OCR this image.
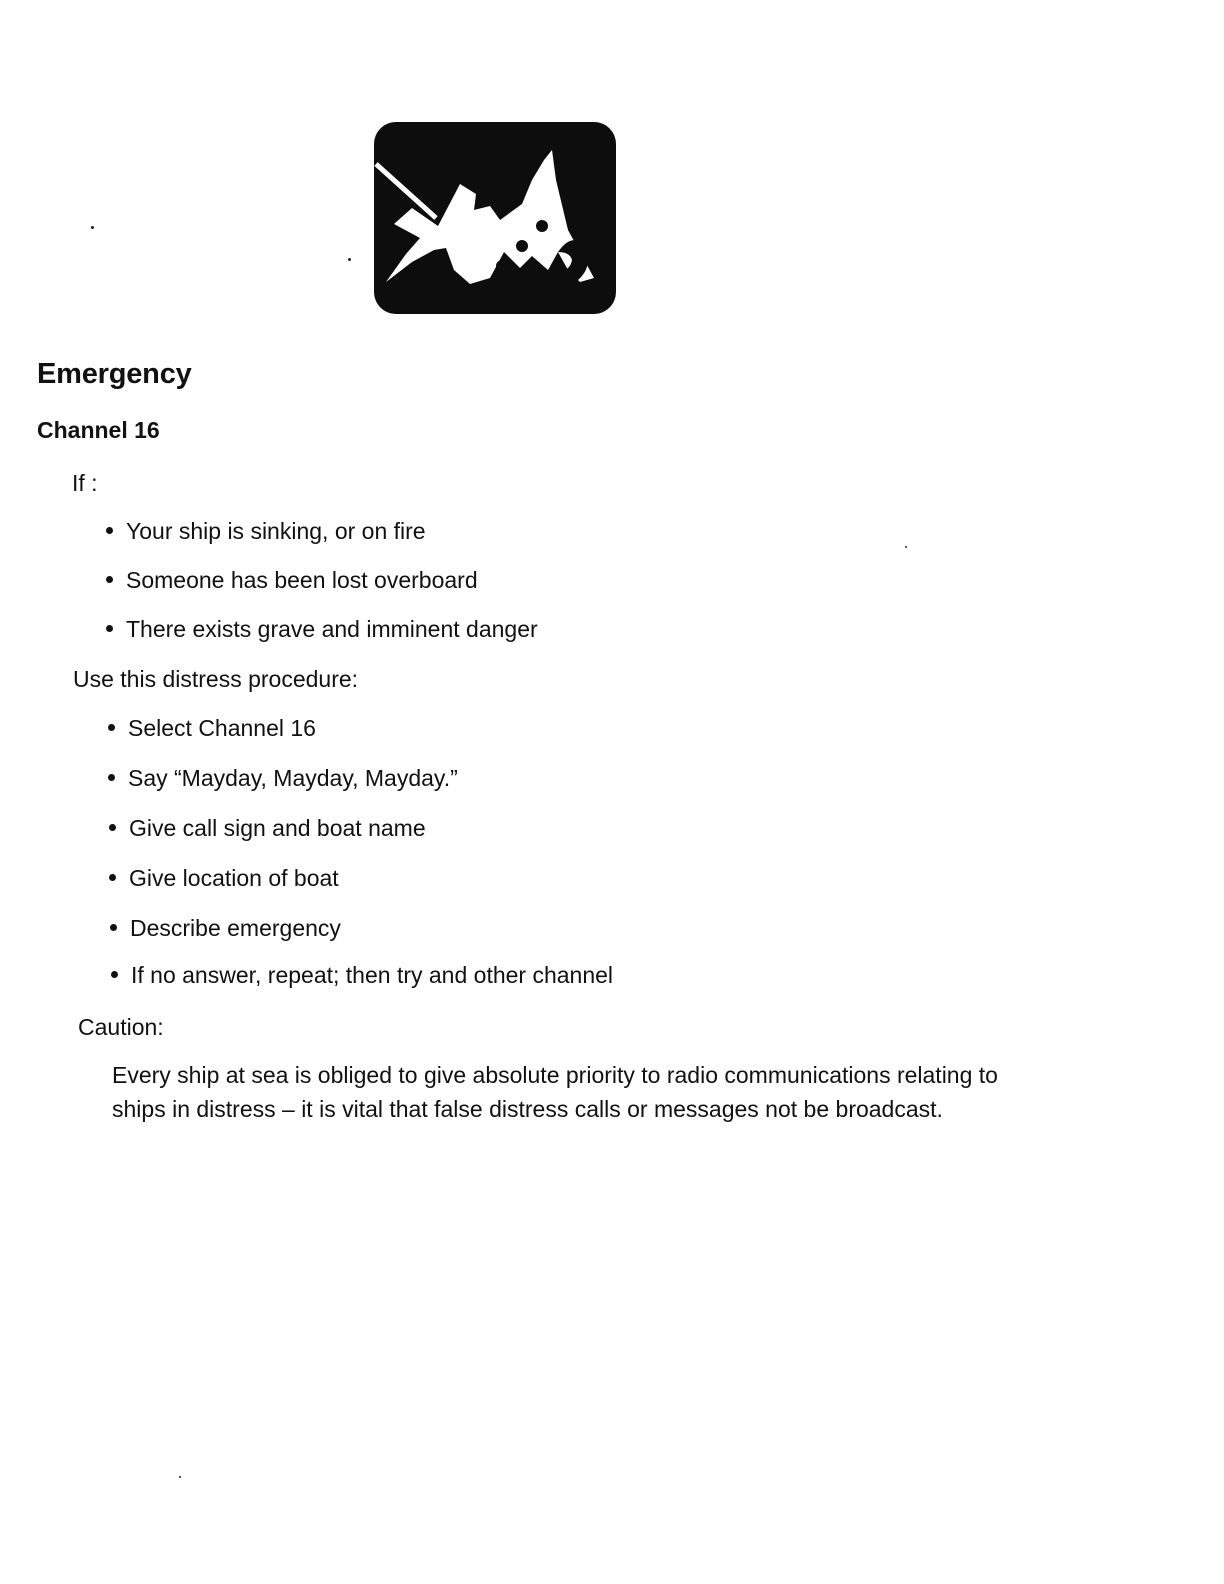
Emergency
Channel 16

If :

Your ship is sinking, or on fire
Someone has been lost overboard
There exists grave and imminent danger

Use this distress procedure:

Select Channel 16
Say “Mayday, Mayday, Mayday.”
Give call sign and boat name
Give location of boat
Describe emergency
If no answer, repeat; then try and other channel

Caution:

Every ship at sea is obliged to give absolute priority to radio communications relating to ships in distress – it is vital that false distress calls or messages not be broadcast.
